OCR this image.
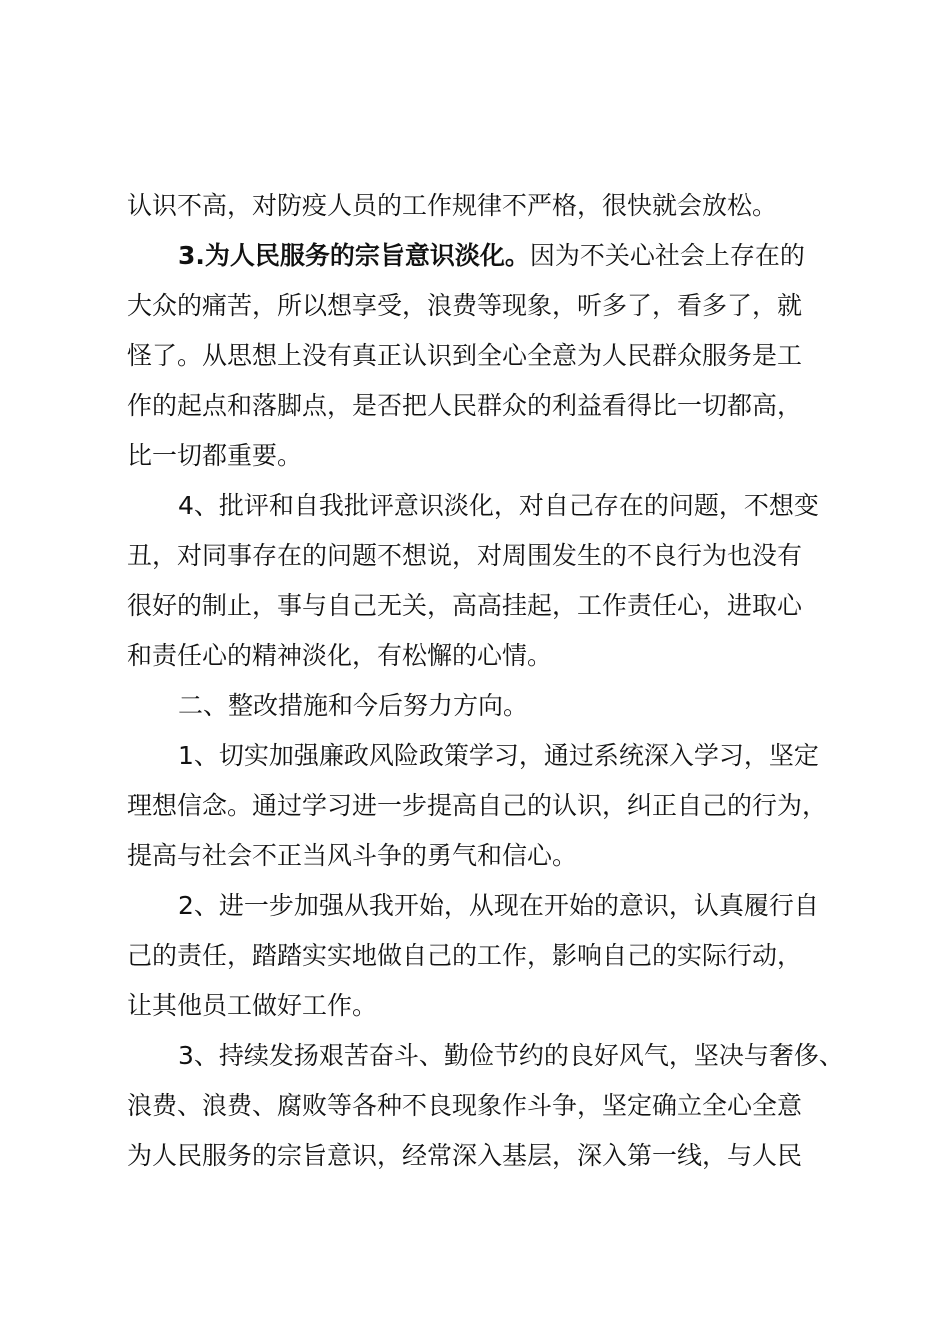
认识不高，对防疫人员的工作规律不严格，很快就会放松。
3.为人民服务的宗旨意识淡化。因为不关心社会上存在的
大众的痛苦，所以想享受，浪费等现象，听多了，看多了，就
怪了。从思想上没有真正认识到全心全意为人民群众服务是工
作的起点和落脚点，是否把人民群众的利益看得比一切都高，
比一切都重要。
4、批评和自我批评意识淡化，对自己存在的问题，不想变
丑，对同事存在的问题不想说，对周围发生的不良行为也没有
很好的制止，事与自己无关，高高挂起，工作责任心，进取心
和责任心的精神淡化，有松懈的心情。
二、整改措施和今后努力方向。
1、切实加强廉政风险政策学习，通过系统深入学习，坚定
理想信念。通过学习进一步提高自己的认识，纠正自己的行为，
提高与社会不正当风斗争的勇气和信心。
2、进一步加强从我开始，从现在开始的意识，认真履行自
己的责任，踏踏实实地做自己的工作，影响自己的实际行动，
让其他员工做好工作。
3、持续发扬艰苦奋斗、勤俭节约的良好风气，坚决与奢侈、
浪费、浪费、腐败等各种不良现象作斗争，坚定确立全心全意
为人民服务的宗旨意识，经常深入基层，深入第一线，与人民
